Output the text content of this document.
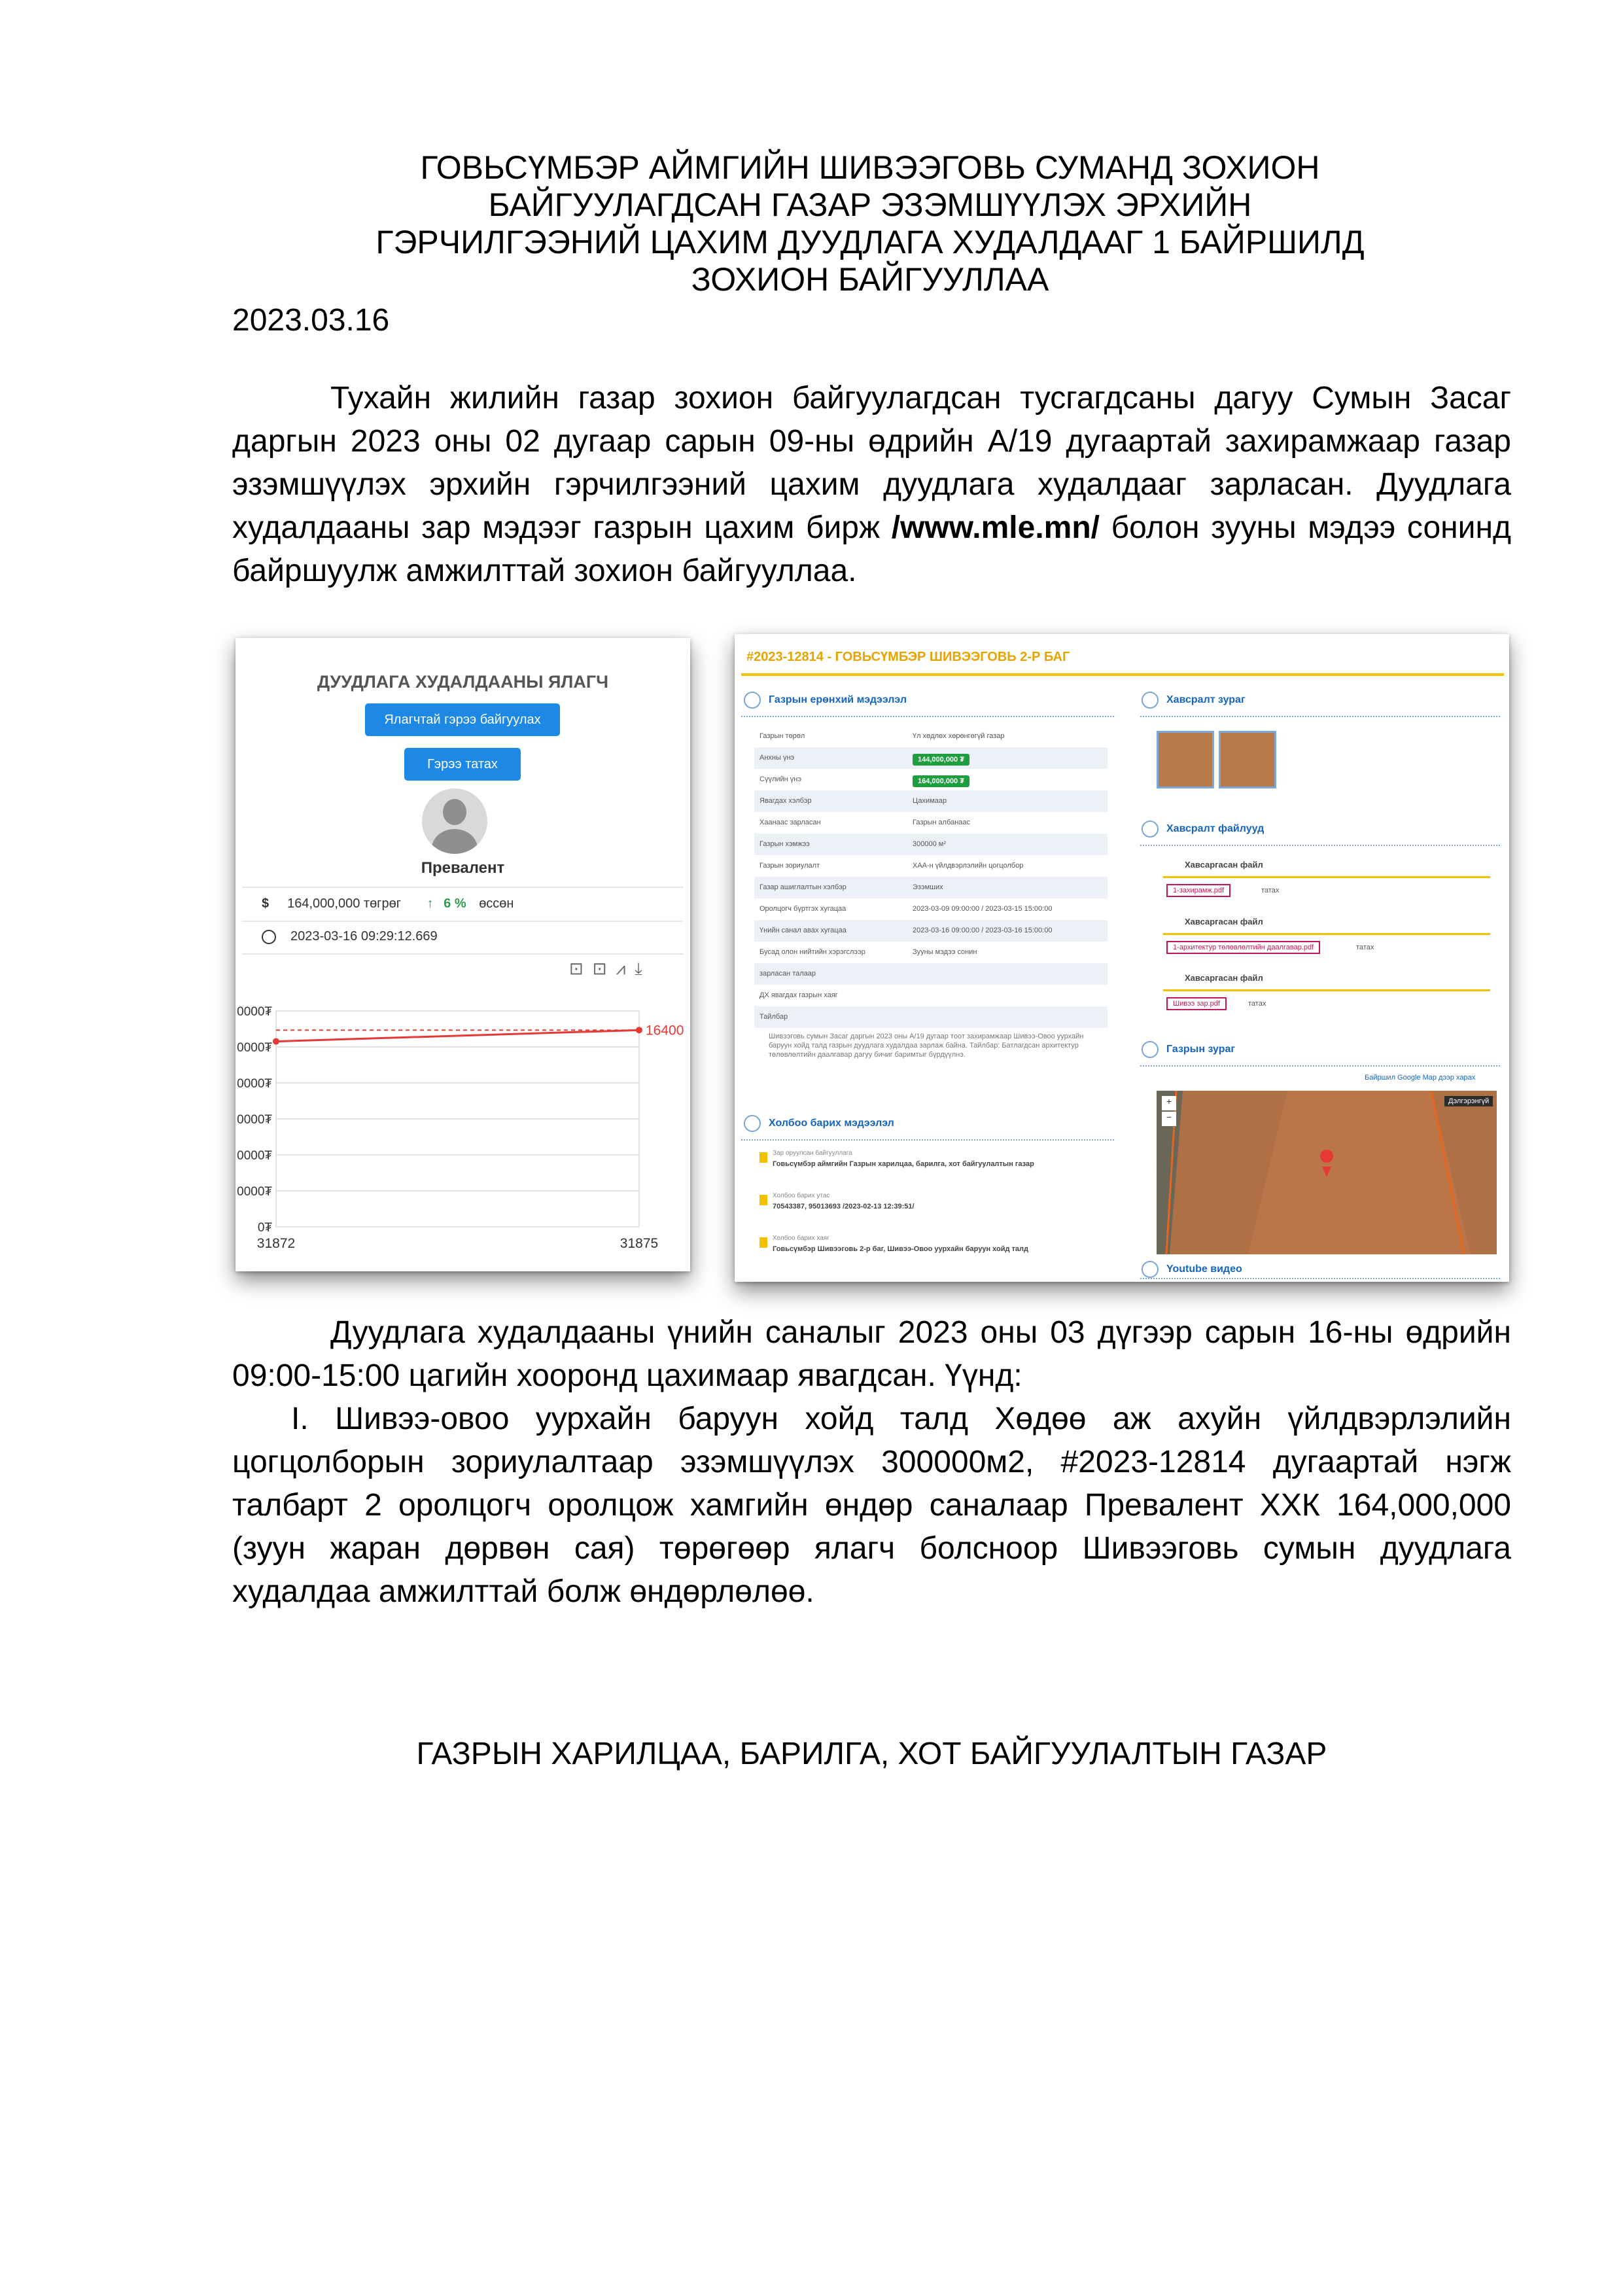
ГОВЬСҮМБЭР АЙМГИЙН ШИВЭЭГОВЬ СУМАНД ЗОХИОН
БАЙГУУЛАГДСАН ГАЗАР ЭЗЭМШҮҮЛЭХ ЭРХИЙН
ГЭРЧИЛГЭЭНИЙ ЦАХИМ ДУУДЛАГА ХУДАЛДААГ 1 БАЙРШИЛД
ЗОХИОН БАЙГУУЛЛАА
2023.03.16
Тухайн жилийн газар зохион байгуулагдсан тусгагдсаны дагуу Сумын Засаг даргын 2023 оны 02 дугаар сарын 09-ны өдрийн А/19 дугаартай захирамжаар газар эзэмшүүлэх эрхийн гэрчилгээний цахим дуудлага худалдааг зарласан. Дуудлага худалдааны зар мэдээг газрын цахим бирж /www.mle.mn/ болон зууны мэдээ сонинд байршуулж амжилттай зохион байгууллаа.
ДУУДЛАГА ХУДАЛДААНЫ ЯЛАГЧ
Ялагчтай гэрээ байгуулах
Гэрээ татах
Превалент
$ 164,000,000 төгрөг ↑ 6 % өссөн
2023-03-16 09:29:12.669
⊡⊡⩘⤓
0000₮
0000₮
0000₮
0000₮
0000₮
0000₮
0₮
31872	31875
16400
#2023-12814 - ГОВЬСҮМБЭР ШИВЭЭГОВЬ 2-Р БАГ
Газрын ерөнхий мэдээлэл
Газрын төрөл	Үл хөдлөх хөрөнгөгүй газар
Анхны үнэ	144,000,000 ₮
Сүүлийн үнэ	164,000,000 ₮
Явагдах хэлбэр	Цахимаар
Хаанаас зарласан	Газрын албанаас
Газрын хэмжээ	300000 м²
Газрын зориулалт	ХАА-н үйлдвэрлэлийн цогцолбор
Газар ашиглалтын хэлбэр	Эзэмших
Оролцогч бүртгэх хугацаа	2023-03-09 09:00:00 / 2023-03-15 15:00:00
Үнийн санал авах хугацаа	2023-03-16 09:00:00 / 2023-03-16 15:00:00
Бусад олон нийтийн хэрэгслээр	Зууны мэдээ сонин
зарласан талаар
ДХ явагдах газрын хаяг
Тайлбар
Шивээговь сумын Засаг даргын 2023 оны А/19 дугаар тоот захирамжаар Шивээ-Овоо уурхайн баруун хойд талд газрын дуудлага худалдаа зарлаж байна. Тайлбар: Батлагдсан архитектур төлөвлөлтийн даалгавар дагуу бичиг баримтыг бүрдүүлнэ.
Холбоо барих мэдээлэл
Зар оруулсан байгууллага
Говьсүмбэр аймгийн Газрын харилцаа, барилга, хот байгуулалтын газар
Холбоо барих утас
70543387, 95013693 /2023-02-13 12:39:51/
Холбоо барих хаяг
Говьсүмбэр Шивээговь 2-р баг, Шивээ-Овоо уурхайн баруун хойд талд
Хавсралт зураг
Хавсралт файлууд
Хавсаргасан файл
1-захирамж.pdf	татах
Хавсаргасан файл
1-архитектур төлөвлөлтийн даалгавар.pdf	татах
Хавсаргасан файл
Шивээ зар.pdf	татах
Газрын зураг
Байршил Google Map дээр харах
+
−
Дэлгэрэнгүй
Youtube видео
Дуудлага худалдааны үнийн саналыг 2023 оны 03 дүгээр сарын 16-ны өдрийн 09:00-15:00 цагийн хооронд цахимаар явагдсан. Үүнд:
I. Шивээ-овоо уурхайн баруун хойд талд Хөдөө аж ахуйн үйлдвэрлэлийн цогцолборын зориулалтаар эзэмшүүлэх 300000м2, #2023-12814 дугаартай нэгж талбарт 2 оролцогч оролцож хамгийн өндөр саналаар Превалент ХХК 164,000,000 (зуун жаран дөрвөн сая) төрөгөөр ялагч болсноор Шивээговь сумын дуудлага худалдаа амжилттай болж өндөрлөлөө.
ГАЗРЫН ХАРИЛЦАА, БАРИЛГА, ХОТ БАЙГУУЛАЛТЫН ГАЗАР
